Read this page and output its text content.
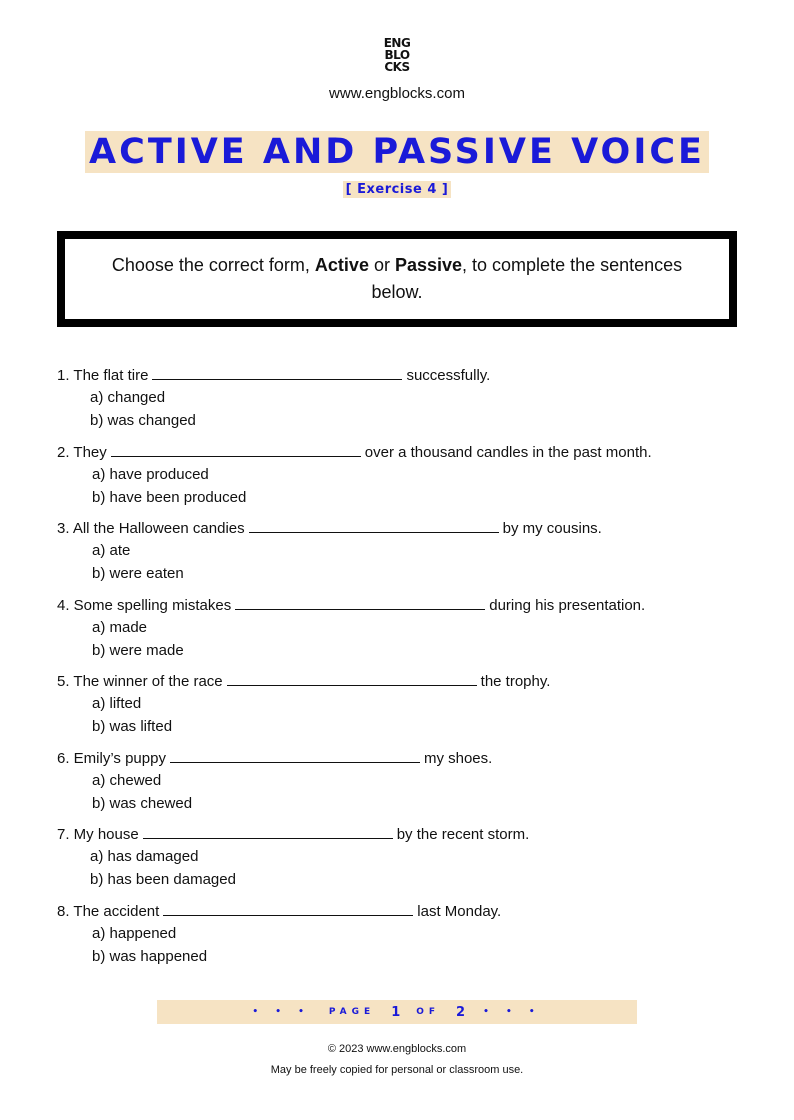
ENG
BLO
CKS
www.engblocks.com
ACTIVE AND PASSIVE VOICE
[ Exercise 4 ]
Choose the correct form, Active or Passive, to complete the sentences below.
1. The flat tire	successfully.
a) changed
b) was changed
2. They	over a thousand candles in the past month.
a) have produced
b) have been produced
3. All the Halloween candies	by my cousins.
a) ate
b) were eaten
4. Some spelling mistakes	during his presentation.
a) made
b) were made
5. The winner of the race	the trophy.
a) lifted
b) was lifted
6. Emily’s puppy	my shoes.
a) chewed
b) was chewed
7. My house	by the recent storm.
a) has damaged
b) has been damaged
8. The accident	last Monday.
a) happened
b) was happened
• • • PAGE 1 OF 2 • • •
© 2023 www.engblocks.com
May be freely copied for personal or classroom use.
